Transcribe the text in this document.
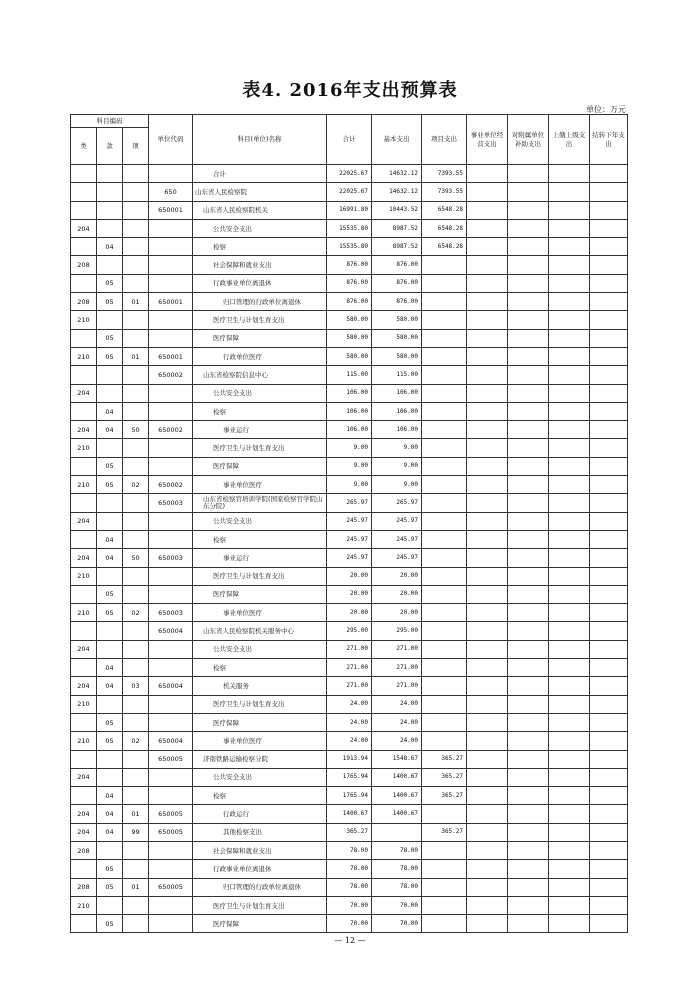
表4. 2016年支出预算表
单位：万元
科目编码			单位代码	科目(单位)名称	合计	基本支出	项目支出	事业单位经营支出	对附属单位补助支出	上缴上级支出	结转下年支出
类	款	项									
				合计	22025.67	14632.12	7393.55				
			650	山东省人民检察院	22025.67	14632.12	7393.55				
			650001	山东省人民检察院机关	16991.80	10443.52	6548.28				
204				公共安全支出	15535.80	8987.52	6548.28				
	04			检察	15535.80	8987.52	6548.28				
208				社会保障和就业支出	876.00	876.00					
	05			行政事业单位离退休	876.00	876.00					
208	05	01	650001	归口管理的行政单位离退休	876.00	876.00					
210				医疗卫生与计划生育支出	580.00	580.00					
	05			医疗保障	580.00	580.00					
210	05	01	650001	行政单位医疗	580.00	580.00					
			650002	山东省检察院信息中心	115.00	115.00					
204				公共安全支出	106.00	106.00					
	04			检察	106.00	106.00					
204	04	50	650002	事业运行	106.00	106.00					
210				医疗卫生与计划生育支出	9.00	9.00					
	05			医疗保障	9.00	9.00					
210	05	02	650002	事业单位医疗	9.00	9.00					
			650003	山东省检察官培训学院(国家检察官学院山东分院)	265.97	265.97					
204				公共安全支出	245.97	245.97					
	04			检察	245.97	245.97					
204	04	50	650003	事业运行	245.97	245.97					
210				医疗卫生与计划生育支出	20.00	20.00					
	05			医疗保障	20.00	20.00					
210	05	02	650003	事业单位医疗	20.00	20.00					
			650004	山东省人民检察院机关服务中心	295.00	295.00					
204				公共安全支出	271.00	271.00					
	04			检察	271.00	271.00					
204	04	03	650004	机关服务	271.00	271.00					
210				医疗卫生与计划生育支出	24.00	24.00					
	05			医疗保障	24.00	24.00					
210	05	02	650004	事业单位医疗	24.00	24.00					
			650005	济南铁路运输检察分院	1913.94	1548.67	365.27				
204				公共安全支出	1765.94	1400.67	365.27				
	04			检察	1765.94	1400.67	365.27				
204	04	01	650005	行政运行	1400.67	1400.67					
204	04	99	650005	其他检察支出	365.27		365.27				
208				社会保障和就业支出	78.00	78.00					
	05			行政事业单位离退休	78.00	78.00					
208	05	01	650005	归口管理的行政单位离退休	78.00	78.00					
210				医疗卫生与计划生育支出	70.00	70.00					
	05			医疗保障	70.00	70.00					
— 12 —
